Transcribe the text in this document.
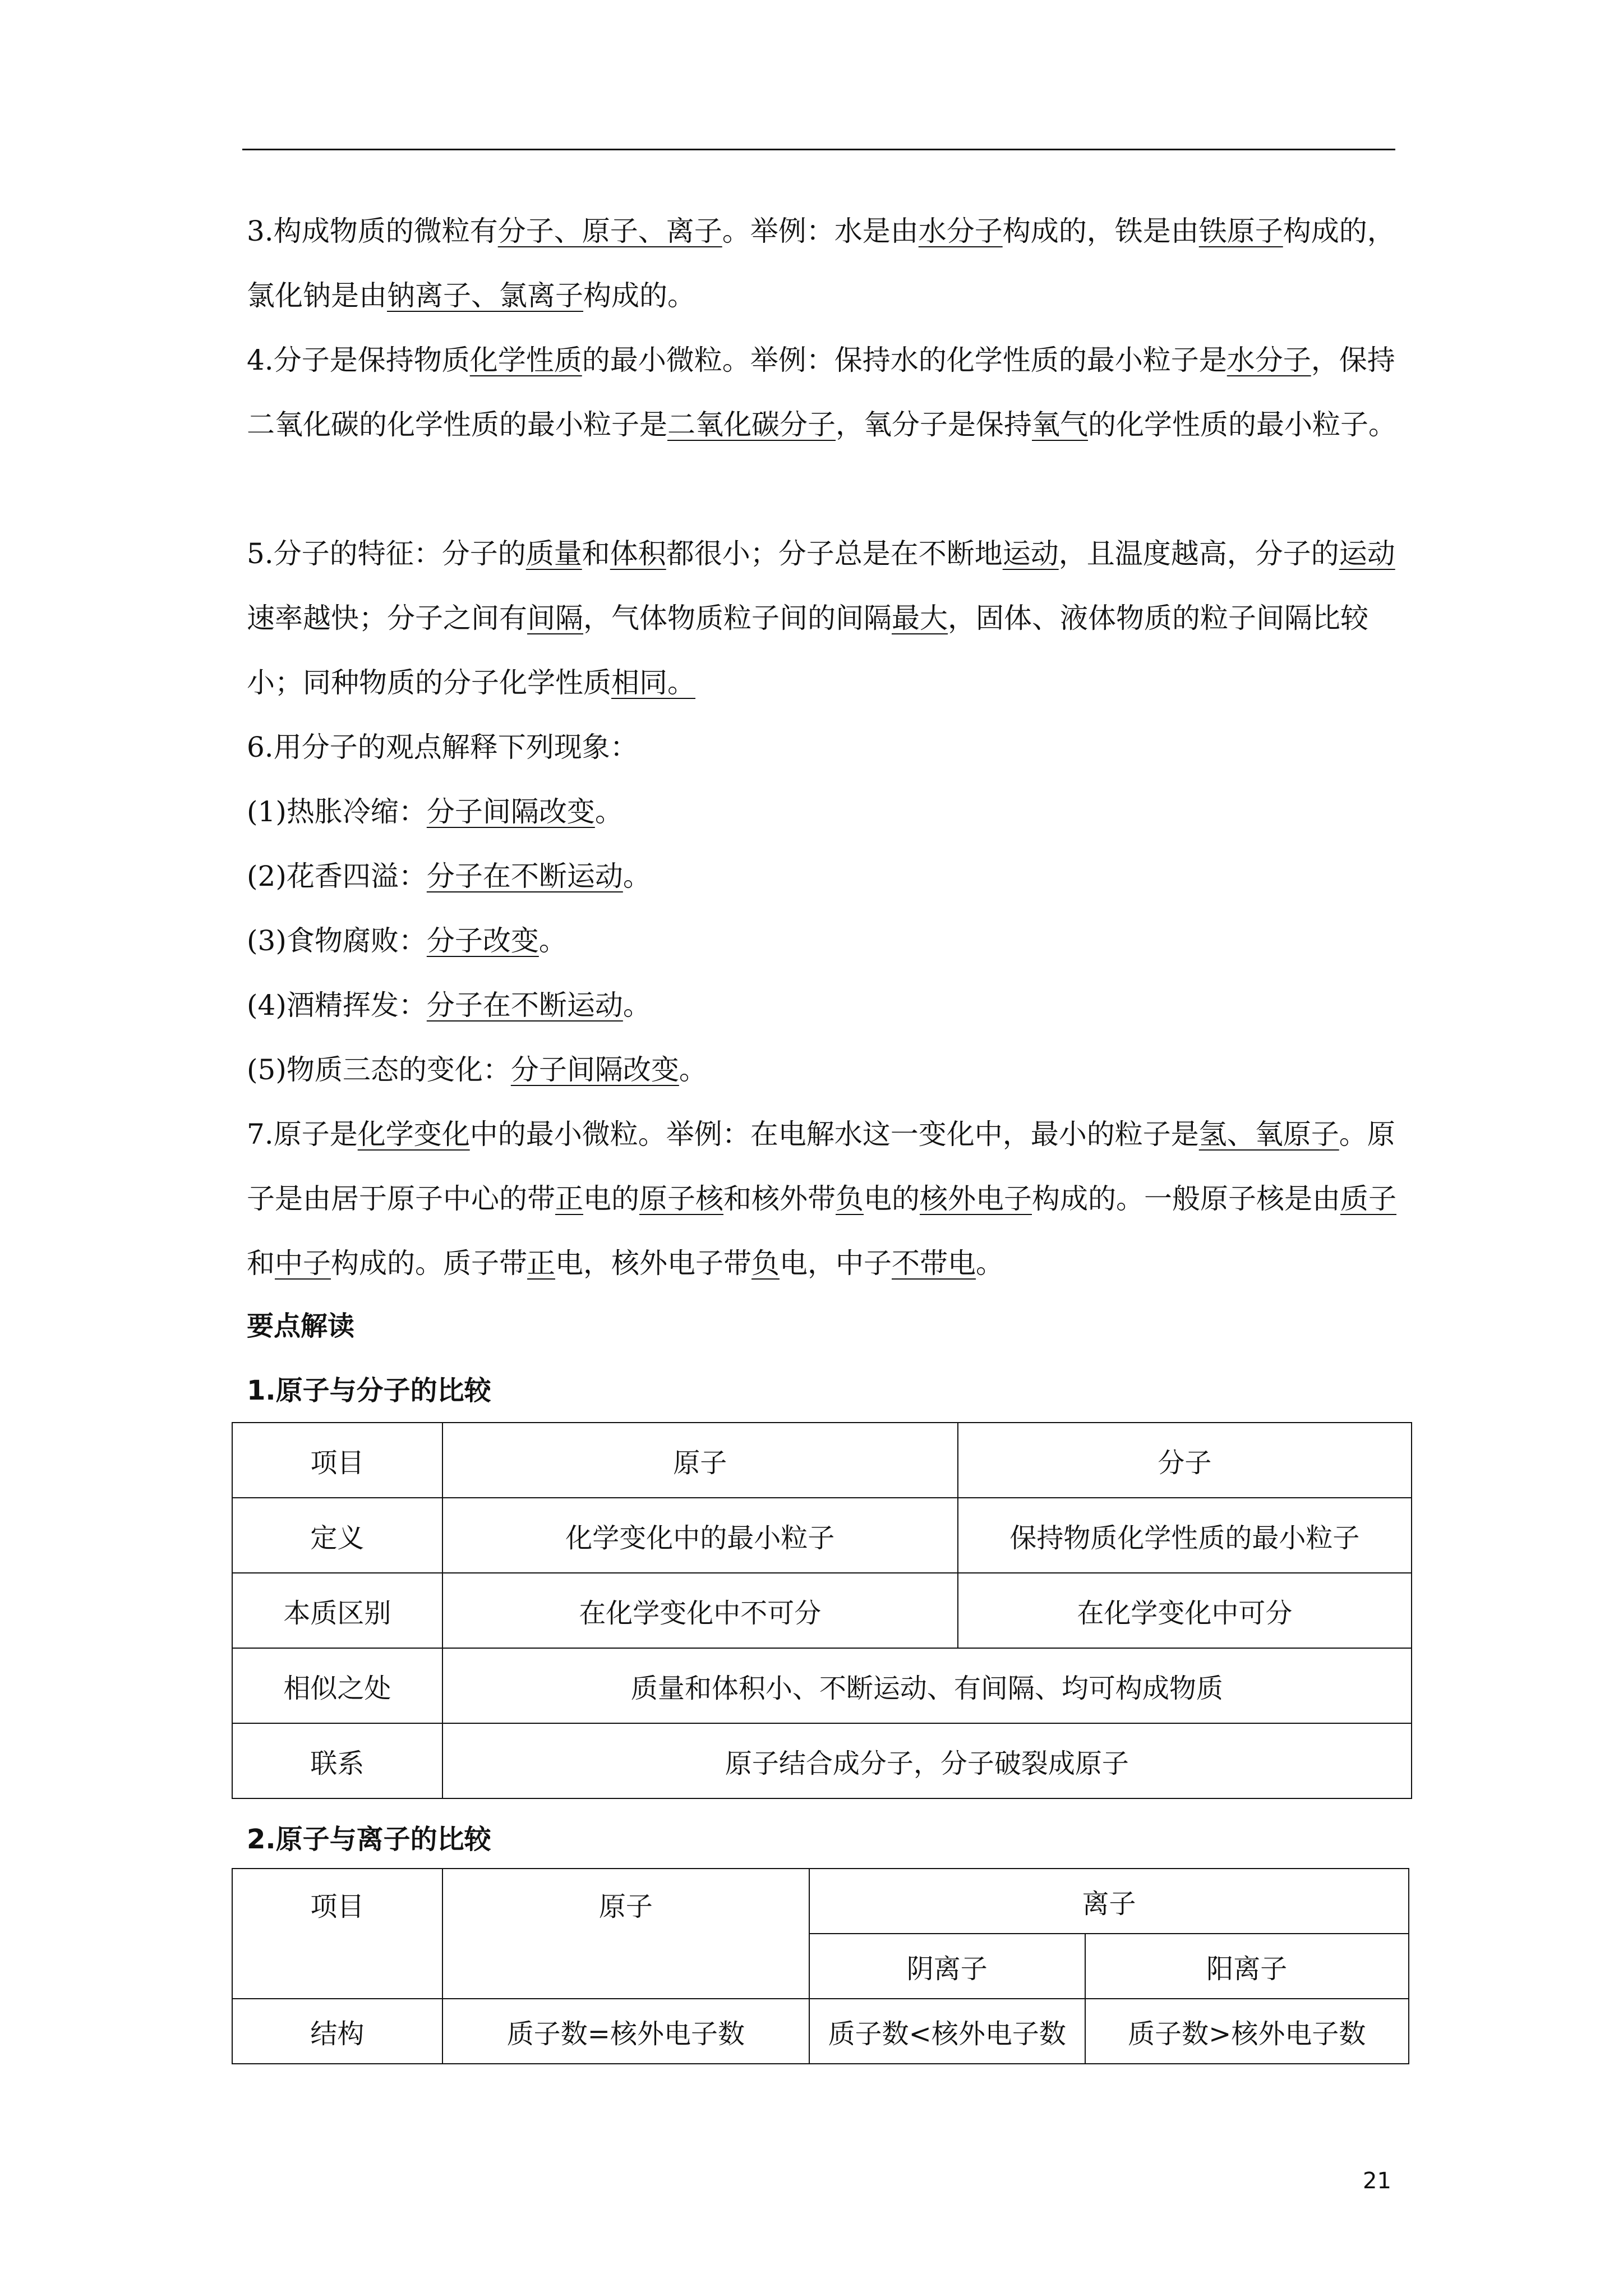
3.构成物质的微粒有分子、原子、离子。举例：水是由水分子构成的，铁是由铁原子构成的，氯化钠是由钠离子、氯离子构成的。
4.分子是保持物质化学性质的最小微粒。举例：保持水的化学性质的最小粒子是水分子，保持二氧化碳的化学性质的最小粒子是二氧化碳分子，氧分子是保持氧气的化学性质的最小粒子。
5.分子的特征：分子的质量和体积都很小；分子总是在不断地运动，且温度越高，分子的运动速率越快；分子之间有间隔，气体物质粒子间的间隔最大，固体、液体物质的粒子间隔比较小；同种物质的分子化学性质相同。
6.用分子的观点解释下列现象：
(1)热胀冷缩：分子间隔改变。
(2)花香四溢：分子在不断运动。
(3)食物腐败：分子改变。
(4)酒精挥发：分子在不断运动。
(5)物质三态的变化：分子间隔改变。
7.原子是化学变化中的最小微粒。举例：在电解水这一变化中，最小的粒子是氢、氧原子。原子是由居于原子中心的带正电的原子核和核外带负电的核外电子构成的。一般原子核是由质子和中子构成的。质子带正电，核外电子带负电，中子不带电。
要点解读
1.原子与分子的比较
项目	原子	分子
定义	化学变化中的最小粒子	保持物质化学性质的最小粒子
本质区别	在化学变化中不可分	在化学变化中可分
相似之处	质量和体积小、不断运动、有间隔、均可构成物质	
联系	原子结合成分子，分子破裂成原子	
2.原子与离子的比较
项目	原子	离子	
		阴离子	阳离子
结构	质子数=核外电子数	质子数<核外电子数	质子数>核外电子数
21
